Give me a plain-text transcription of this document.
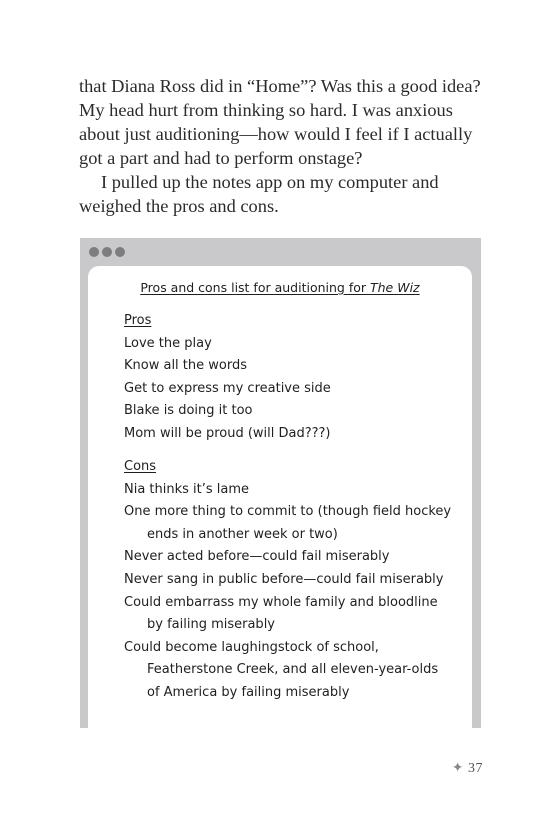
that Diana Ross did in “Home”? Was this a good idea? My head hurt from thinking so hard. I was anxious about just auditioning—how would I feel if I actually got a part and had to perform onstage?

I pulled up the notes app on my computer and weighed the pros and cons.

Pros and cons list for auditioning for The Wiz
Pros
Love the play
Know all the words
Get to express my creative side
Blake is doing it too
Mom will be proud (will Dad???)
Cons
Nia thinks it’s lame
One more thing to commit to (though field hockey ends in another week or two)
Never acted before—could fail miserably
Never sang in public before—could fail miserably
Could embarrass my whole family and bloodline by failing miserably
Could become laughingstock of school, Featherstone Creek, and all eleven-year-olds of America by failing miserably
✦ 37
